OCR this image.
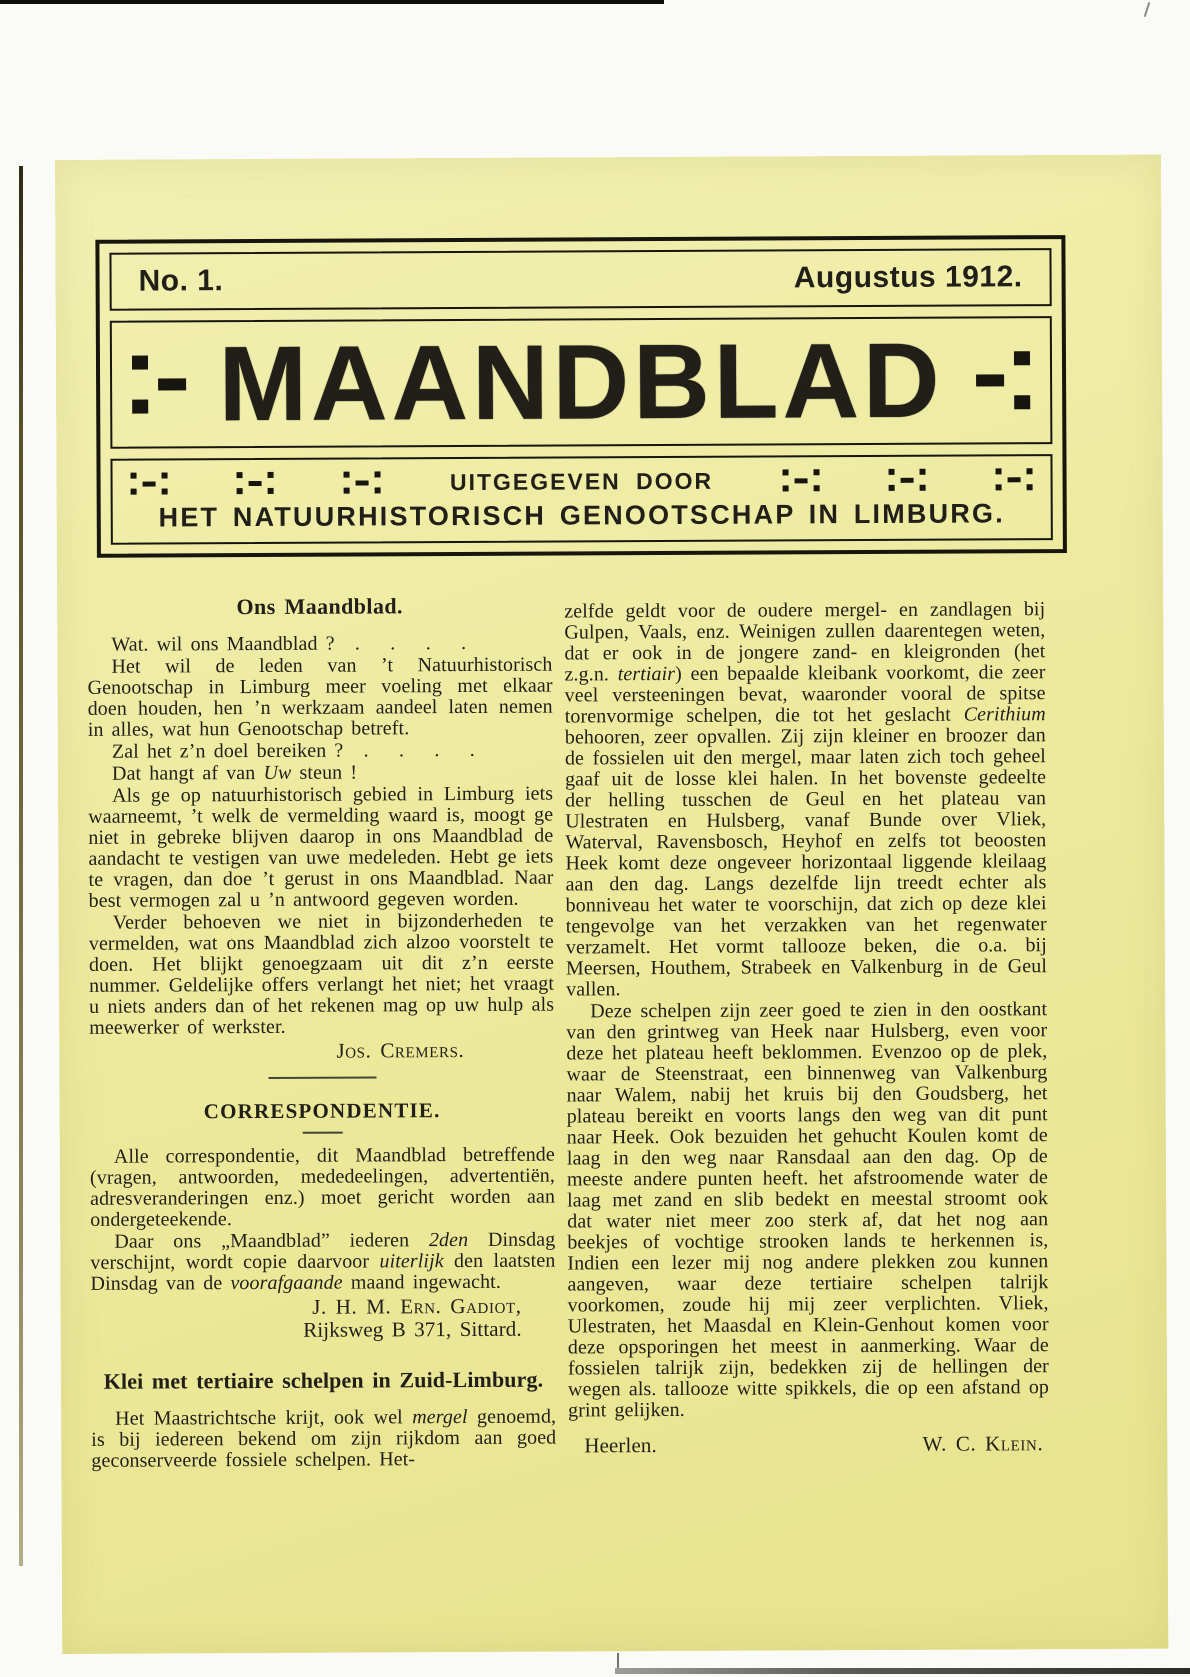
No. 1.	Augustus 1912.
MAANDBLAD
UITGEGEVEN DOOR
HET NATUURHISTORISCH GENOOTSCHAP IN LIMBURG.
Ons Maandblad.

Wat. wil ons Maandblad ?  .   .   .   .

Het wil de leden van ’t Natuurhistorisch Genootschap in Limburg meer voeling met elkaar doen houden, hen ’n werkzaam aandeel laten nemen in alles, wat hun Genootschap betreft.

Zal het z’n doel bereiken ?  .   .   .   .

Dat hangt af van Uw steun !

Als ge op natuurhistorisch gebied in Limburg iets waarneemt, ’t welk de vermelding waard is, moogt ge niet in gebreke blijven daarop in ons Maandblad de aandacht te vestigen van uwe medeleden. Hebt ge iets te vragen, dan doe ’t gerust in ons Maandblad. Naar best vermogen zal u ’n antwoord gegeven worden.

Verder behoeven we niet in bijzonderheden te vermelden, wat ons Maandblad zich alzoo voorstelt te doen. Het blijkt genoegzaam uit dit z’n eerste nummer. Geldelijke offers verlangt het niet; het vraagt u niets anders dan of het rekenen mag op uw hulp als meewerker of werkster.

Jos. Cremers.
CORRESPONDENTIE.

Alle correspondentie, dit Maandblad betreffende (vragen, antwoorden, mededeelingen, advertentiën, adresveranderingen enz.) moet gericht worden aan ondergeteekende.

Daar ons „Maandblad” iederen 2den Dinsdag verschijnt, wordt copie daarvoor uiterlijk den laatsten Dinsdag van de voorafgaande maand ingewacht.

J. H. M. Ern. Gadiot,
Rijksweg B 371, Sittard.
Klei met tertiaire schelpen in Zuid-Limburg.

Het Maastrichtsche krijt, ook wel mergel genoemd, is bij iedereen bekend om zijn rijkdom aan goed geconserveerde fossiele schelpen. Het-

zelfde geldt voor de oudere mergel- en zandlagen bij Gulpen, Vaals, enz. Weinigen zullen daarentegen weten, dat er ook in de jongere zand- en kleigronden (het z.g.n. tertiair) een bepaalde kleibank voorkomt, die zeer veel versteeningen bevat, waaronder vooral de spitse torenvormige schelpen, die tot het geslacht Cerithium behooren, zeer opvallen. Zij zijn kleiner en broozer dan de fossielen uit den mergel, maar laten zich toch geheel gaaf uit de losse klei halen. In het bovenste gedeelte der helling tusschen de Geul en het plateau van Ulestraten en Hulsberg, vanaf Bunde over Vliek, Waterval, Ravensbosch, Heyhof en zelfs tot beoosten Heek komt deze ongeveer horizontaal liggende kleilaag aan den dag. Langs dezelfde lijn treedt echter als bonniveau het water te voorschijn, dat zich op deze klei tengevolge van het verzakken van het regenwater verzamelt. Het vormt tallooze beken, die o.a. bij Meersen, Houthem, Strabeek en Valkenburg in de Geul vallen.

Deze schelpen zijn zeer goed te zien in den oostkant van den grintweg van Heek naar Hulsberg, even voor deze het plateau heeft beklommen. Evenzoo op de plek, waar de Steenstraat, een binnenweg van Valkenburg naar Walem, nabij het kruis bij den Goudsberg, het plateau bereikt en voorts langs den weg van dit punt naar Heek. Ook bezuiden het gehucht Koulen komt de laag in den weg naar Ransdaal aan den dag. Op de meeste andere punten heeft. het afstroomende water de laag met zand en slib bedekt en meestal stroomt ook dat water niet meer zoo sterk af, dat het nog aan beekjes of vochtige strooken lands te herkennen is, Indien een lezer mij nog andere plekken zou kunnen aangeven, waar deze tertiaire schelpen talrijk voorkomen, zoude hij mij zeer verplichten. Vliek, Ulestraten, het Maasdal en Klein-Genhout komen voor deze opsporingen het meest in aanmerking. Waar de fossielen talrijk zijn, bedekken zij de hellingen der wegen als. tallooze witte spikkels, die op een afstand op grint gelijken.

Heerlen.	W. C. Klein.
